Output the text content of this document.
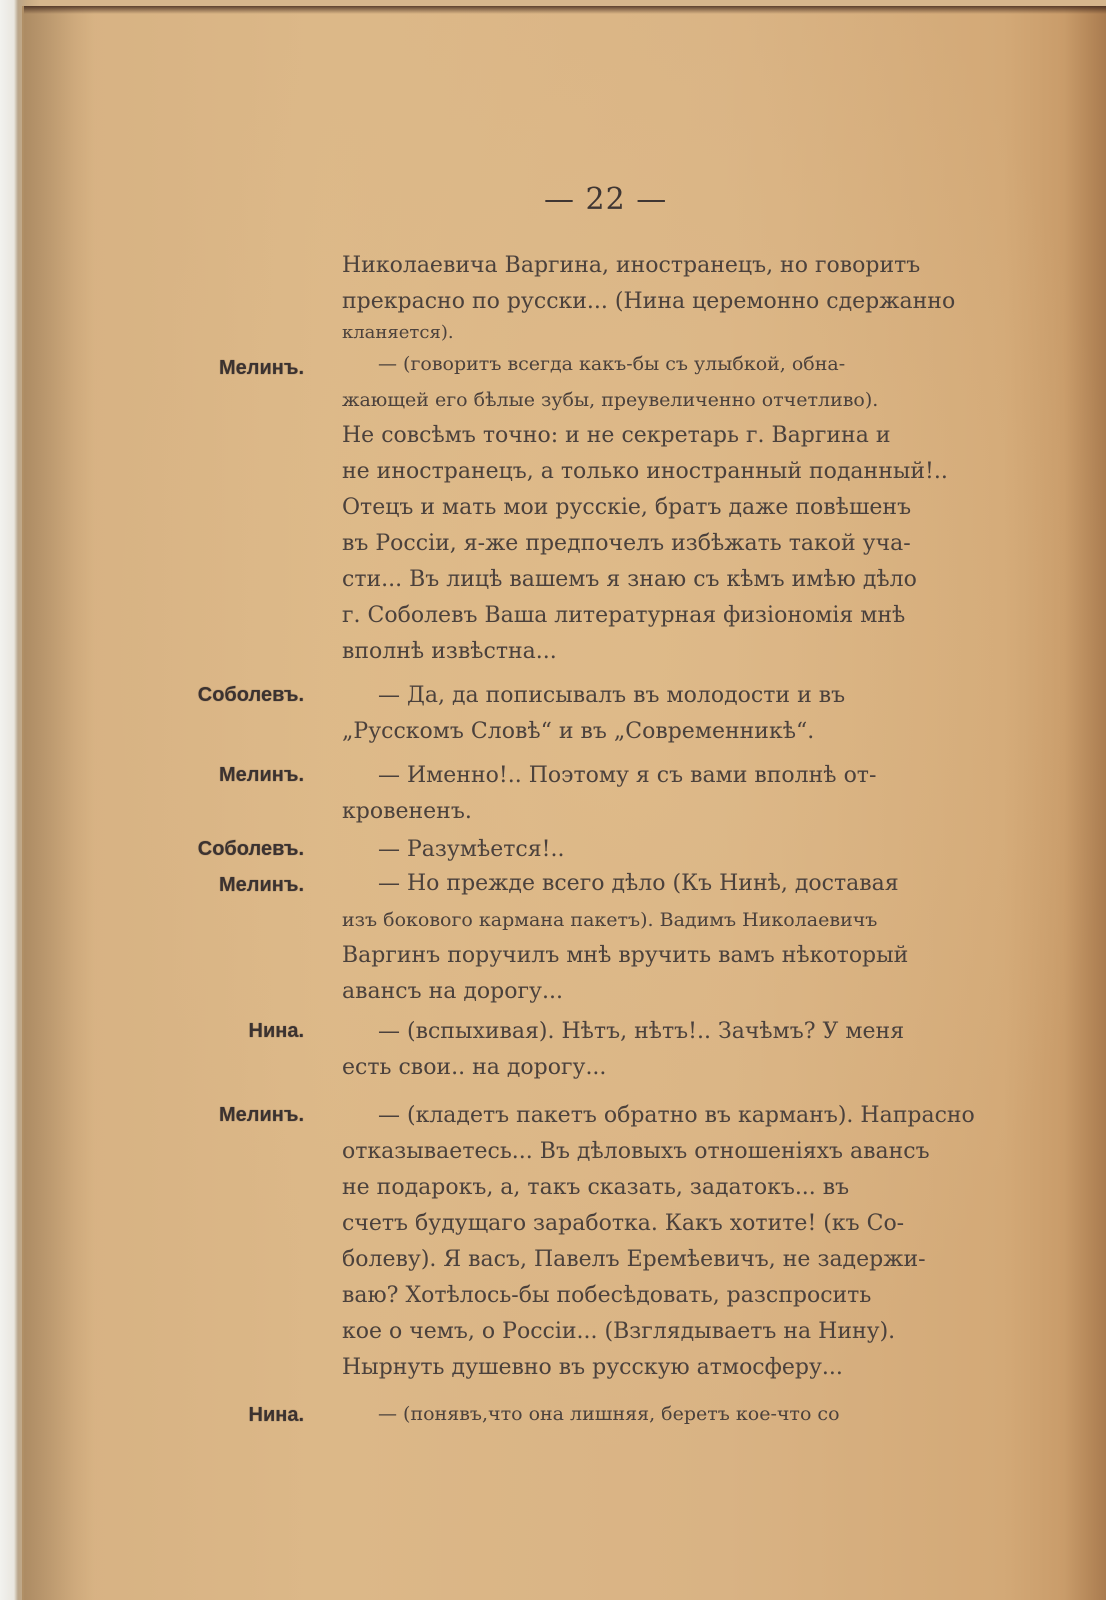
— 22 —
Николаевича Варгина, иностранецъ, но говоритъ
прекрасно по русски... (Нина церемонно сдержанно
кланяется).
Мелинъ.	— (говоритъ всегда какъ-бы съ улыбкой, обна-
жающей его бѣлые зубы, преувеличенно отчетливо).
Не совсѣмъ точно: и не секретарь г. Варгина и
не иностранецъ, а только иностранный поданный!..
Отецъ и мать мои русскіе, братъ даже повѣшенъ
въ Россіи, я-же предпочелъ избѣжать такой уча-
сти... Въ лицѣ вашемъ я знаю съ кѣмъ имѣю дѣло
г. Соболевъ Ваша литературная физіономія мнѣ
вполнѣ извѣстна...
Соболевъ.	— Да, да пописывалъ въ молодости и въ
„Русскомъ Словѣ“ и въ „Современникѣ“.
Мелинъ.	— Именно!.. Поэтому я съ вами вполнѣ от-
кровененъ.
Соболевъ.	— Разумѣется!..
Мелинъ.	— Но прежде всего дѣло (Къ Нинѣ, доставая
изъ бокового кармана пакетъ). Вадимъ Николаевичъ
Варгинъ поручилъ мнѣ вручить вамъ нѣкоторый
авансъ на дорогу...
Нина.	— (вспыхивая). Нѣтъ, нѣтъ!.. Зачѣмъ? У меня
есть свои.. на дорогу...
Мелинъ.	— (кладетъ пакетъ обратно въ карманъ). Напрасно
отказываетесь... Въ дѣловыхъ отношеніяхъ авансъ
не подарокъ, а, такъ сказать, задатокъ... въ
счетъ будущаго заработка. Какъ хотите! (къ Со-
болеву). Я васъ, Павелъ Еремѣевичъ, не задержи-
ваю? Хотѣлось-бы побесѣдовать, разспросить
кое о чемъ, о Россіи... (Взглядываетъ на Нину).
Нырнуть душевно въ русскую атмосферу...
Нина.	— (понявъ,что она лишняя, беретъ кое-что со
